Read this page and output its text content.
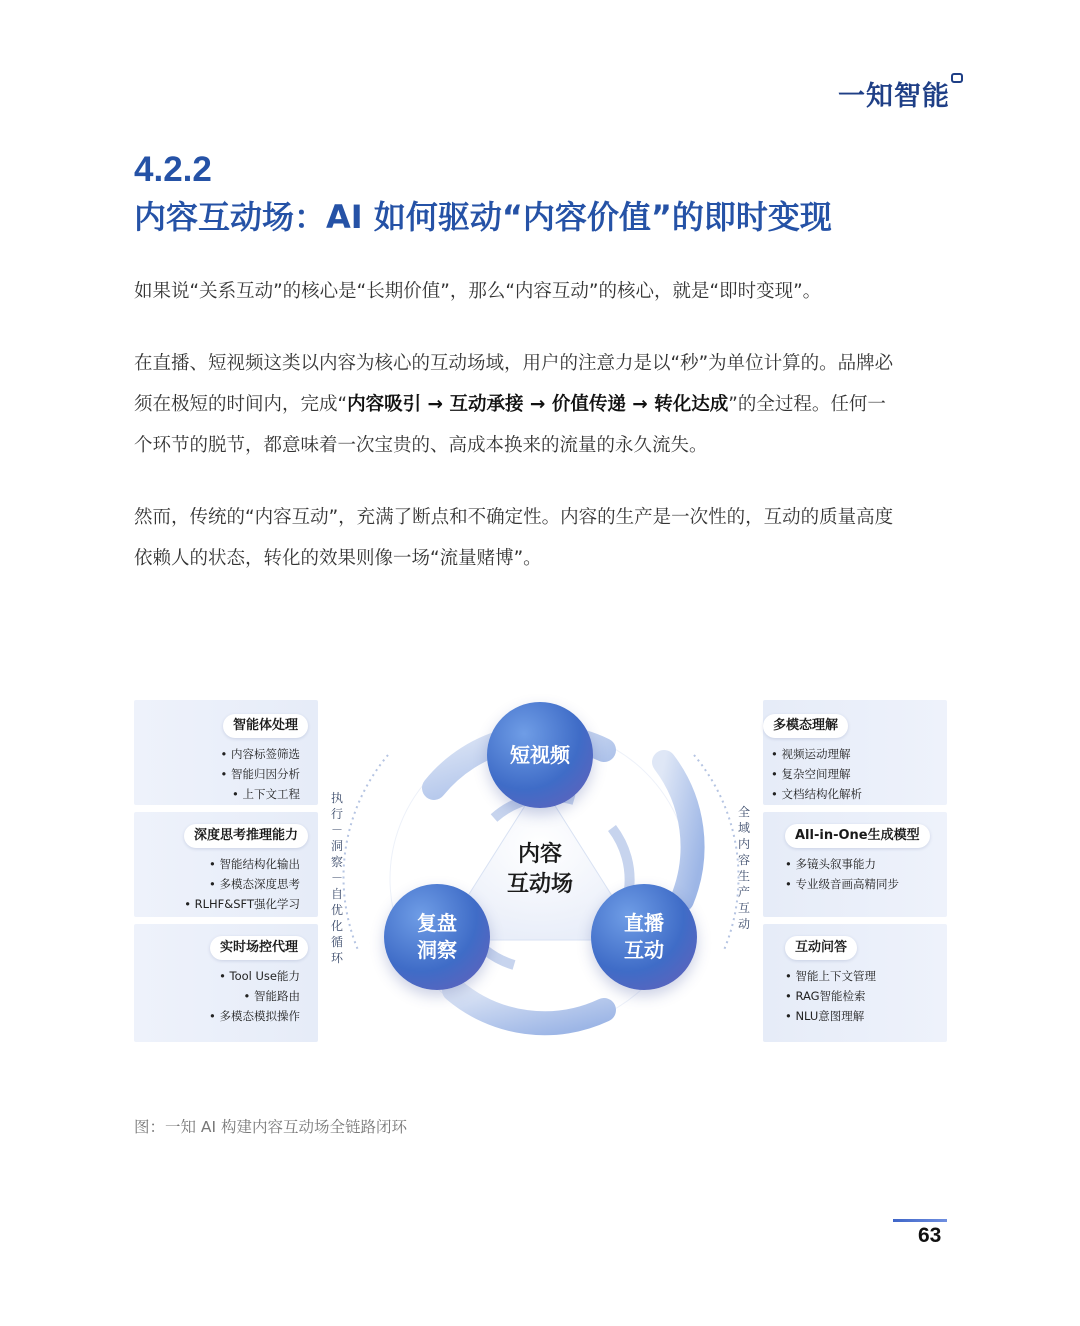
一知智能
4.2.2
内容互动场：AI 如何驱动“内容价值”的即时变现
如果说“关系互动”的核心是“长期价值”，那么“内容互动”的核心，就是“即时变现”。
在直播、短视频这类以内容为核心的互动场域，用户的注意力是以“秒”为单位计算的。品牌必
须在极短的时间内，完成“内容吸引 → 互动承接 → 价值传递 → 转化达成”的全过程。任何一
个环节的脱节，都意味着一次宝贵的、高成本换来的流量的永久流失。
然而，传统的“内容互动”，充满了断点和不确定性。内容的生产是一次性的，互动的质量高度
依赖人的状态，转化的效果则像一场“流量赌博”。
智能体处理
• 内容标签筛选
• 智能归因分析
• 上下文工程
深度思考推理能力
• 智能结构化输出
• 多模态深度思考
• RLHF&SFT强化学习
实时场控代理
• Tool Use能力
• 智能路由
• 多模态模拟操作
多模态理解
• 视频运动理解
• 复杂空间理解
• 文档结构化解析
All-in-One生成模型
• 多镜头叙事能力
• 专业级音画高精同步
互动问答
• 智能上下文管理
• RAG智能检索
• NLU意图理解
内容
互动场
短视频
复盘
洞察
直播
互动
执行－洞察－自优化循环
全域内容生产互动
图：一知 AI 构建内容互动场全链路闭环
63
